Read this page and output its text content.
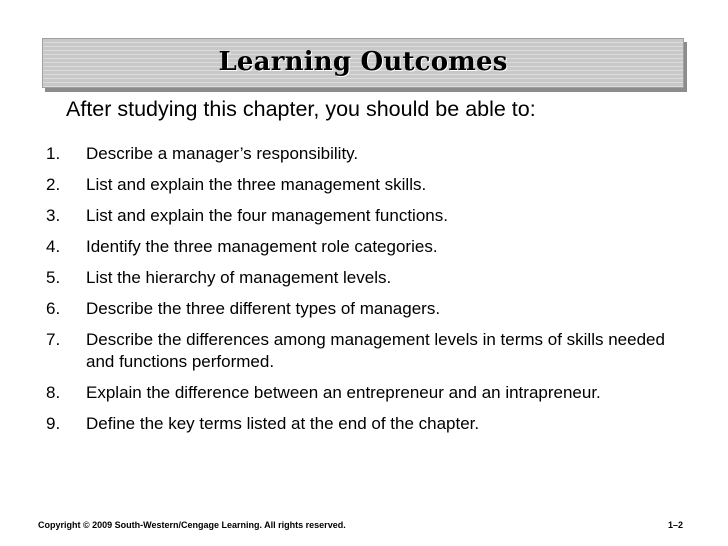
Learning Outcomes
After studying this chapter, you should be able to:
1.	Describe a manager’s responsibility.
2.	List and explain the three management skills.
3.	List and explain the four management functions.
4.	Identify the three management role categories.
5.	List the hierarchy of management levels.
6.	Describe the three different types of managers.
7.	Describe the differences among management levels in terms of skills needed and functions performed.
8.	Explain the difference between an entrepreneur and an intrapreneur.
9.	Define the key terms listed at the end of the chapter.
Copyright © 2009 South-Western/Cengage Learning. All rights reserved.	1–2
